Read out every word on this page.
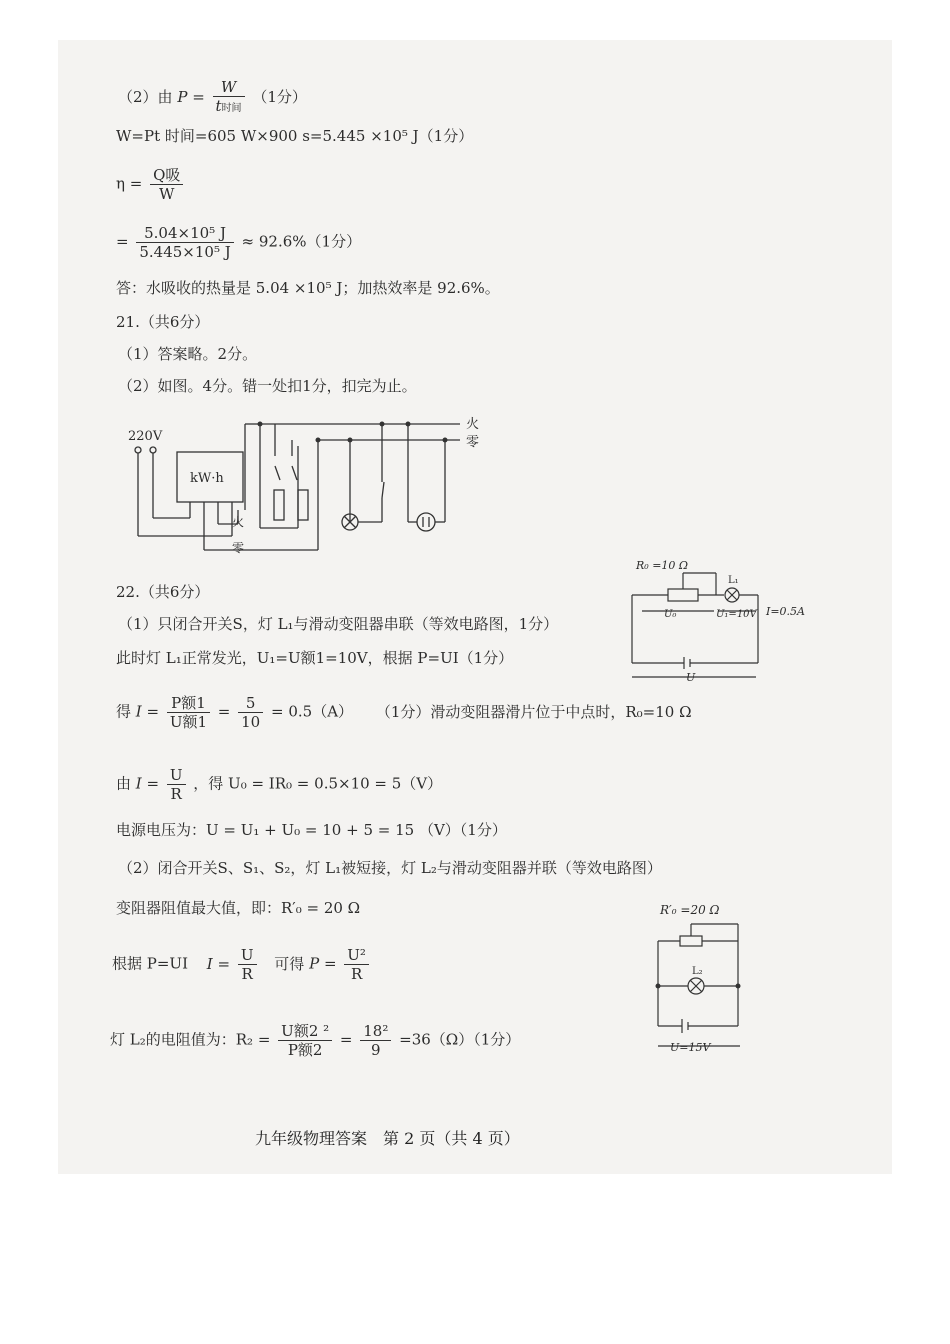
（2）由 $P = \frac{W}{\text{t时间}} (1$分）
W=Pt 时间=605 W×900 s=5.445 ×10⁵ J（1分）
$\eta = \frac{\text{Q吸}}{W}$
= $\frac{\text{5.04×10⁵ J}}{\text{5.445×10⁵ J}} \approx 92.6\%(1$分）
答：水吸收的热量是 5.04 ×10⁵ J；加热效率是 92.6%。
21.（共6分）
（1）答案略。2分。
（2）如图。4分。错一处扣1分，扣完为止。
220V
kW·h
火
零
火
零
22.（共6分）
（1）只闭合开关S，灯 L₁与滑动变阻器串联（等效电路图，1分）
此时灯 L₁正常发光，U₁=U额1=10V，根据 P=UI（1分）
得 $I = \frac{\text{P额1}}{\text{U额1}} = \frac{5}{10} = 0.5(A)$ （1分）滑动变阻器滑片位于中点时，R₀=10 Ω
由 $I = \frac{U}{R}$ ，得 U₀ = IR₀ = 0.5×10 = 5（V）
电源电压为：U = U₁ + U₀ = 10 + 5 = 15 （V）（1分）
（2）闭合开关S、S₁、S₂，灯 L₁被短接，灯 L₂与滑动变阻器并联（等效电路图）
变阻器阻值最大值，即：R′₀ = 20 Ω
根据 P=UI $I = \frac{U}{R}$ 可得 $P = \frac{\text{U²}}{R}$
灯 L₂的电阻值为：$R_2 = \frac{\text{U额2 ²}}{\text{P额2}} = \frac{\text{18²}}{9} =36(\Omega)(1$分）
R₀ =10 Ω
L₁
U₀	U₁=10V I=0.5A
U
R′₀ =20 Ω
L₂
U=15V
九年级物理答案　第 2 页（共 4 页）
